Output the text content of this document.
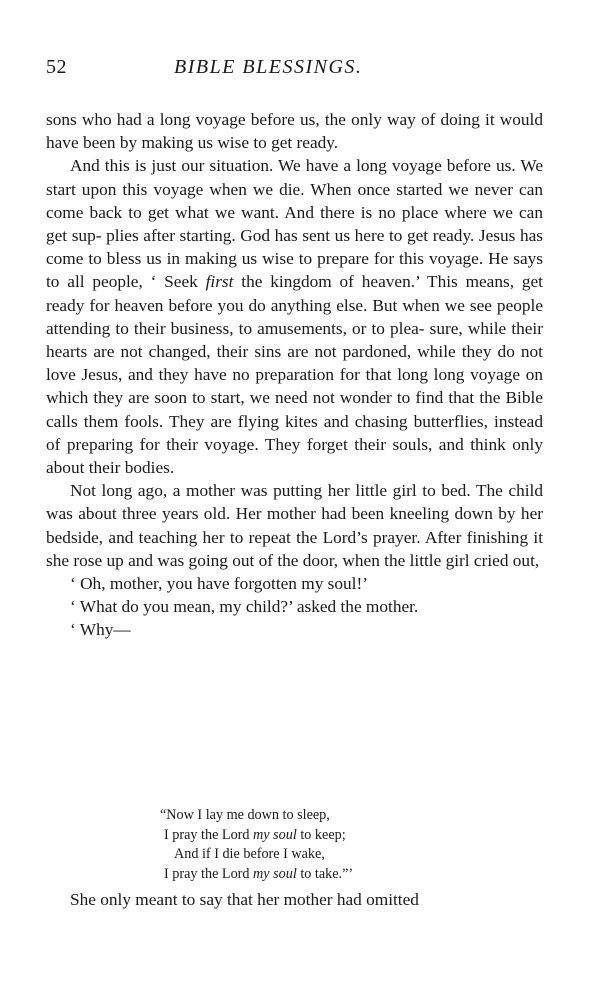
52	BIBLE BLESSINGS.

sons who had a long voyage before us, the only way of doing it would have been by making us wise to get ready.

And this is just our situation. We have a long voyage before us. We start upon this voyage when we die. When once started we never can come back to get what we want. And there is no place where we can get sup- plies after starting. God has sent us here to get ready. Jesus has come to bless us in making us wise to prepare for this voyage. He says to all people, ‘ Seek first the kingdom of heaven.’ This means, get ready for heaven before you do anything else. But when we see people attending to their business, to amusements, or to plea- sure, while their hearts are not changed, their sins are not pardoned, while they do not love Jesus, and they have no preparation for that long long voyage on which they are soon to start, we need not wonder to find that the Bible calls them fools. They are flying kites and chasing butterflies, instead of preparing for their voyage. They forget their souls, and think only about their bodies.

Not long ago, a mother was putting her little girl to bed. The child was about three years old. Her mother had been kneeling down by her bedside, and teaching her to repeat the Lord’s prayer. After finishing it she rose up and was going out of the door, when the little girl cried out,

‘ Oh, mother, you have forgotten my soul!’

‘ What do you mean, my child?’ asked the mother.

‘ Why—

“Now I lay me down to sleep,
I pray the Lord my soul to keep;
And if I die before I wake,
I pray the Lord my soul to take.”’
She only meant to say that her mother had omitted
